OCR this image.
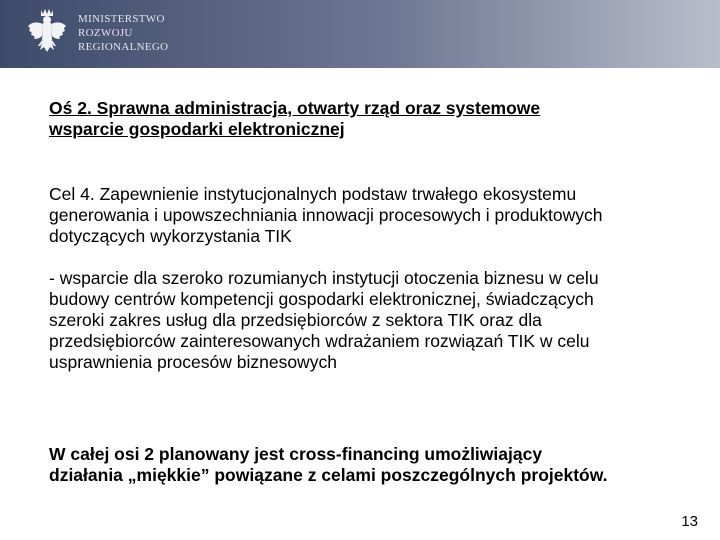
MINISTERSTWO
ROZWOJU
REGIONALNEGO

Oś 2. Sprawna administracja, otwarty rząd oraz systemowe
wsparcie gospodarki elektronicznej

Cel 4. Zapewnienie instytucjonalnych podstaw trwałego ekosystemu
generowania i upowszechniania innowacji procesowych i produktowych
dotyczących wykorzystania TIK

- wsparcie dla szeroko rozumianych instytucji otoczenia biznesu w celu
budowy centrów kompetencji gospodarki elektronicznej, świadczących
szeroki zakres usług dla przedsiębiorców z sektora TIK oraz dla
przedsiębiorców zainteresowanych wdrażaniem rozwiązań TIK w celu
usprawnienia procesów biznesowych

W całej osi 2 planowany jest cross-financing umożliwiający
działania „miękkie” powiązane z celami poszczególnych projektów.

13
